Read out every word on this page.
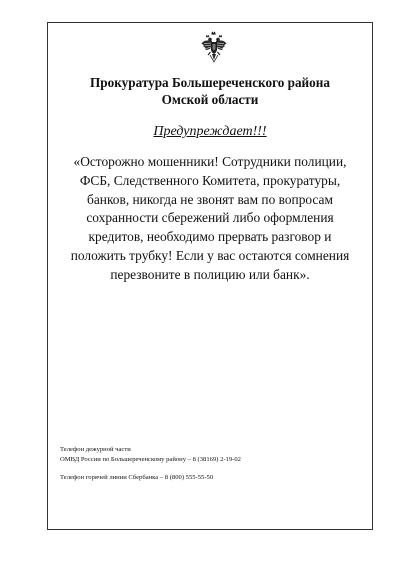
Прокуратура Большереченского района
Омской области
Предупреждает!!!
«Осторожно мошенники! Сотрудники полиции,
ФСБ, Следственного Комитета, прокуратуры,
банков, никогда не звонят вам по вопросам
сохранности сбережений либо оформления
кредитов, необходимо прервать разговор и
положить трубку! Если у вас остаются сомнения
перезвоните в полицию или банк».
Телефон дежурной части
ОМВД России по Большереченскому району – 8 (38169) 2-19-02
Телефон горячей линии Сбербанка – 8 (800) 555-55-50
